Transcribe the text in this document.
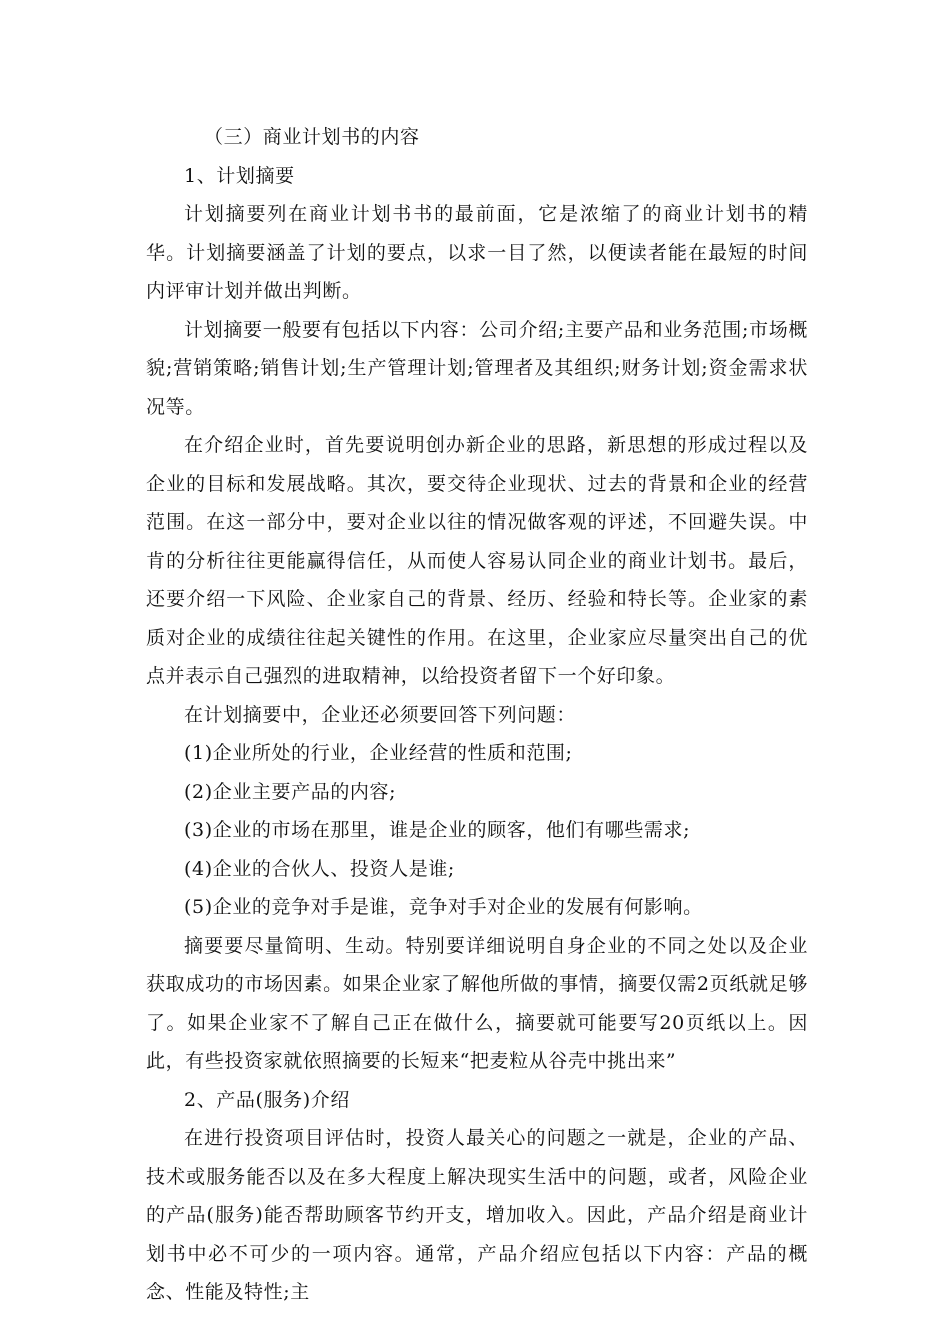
（三）商业计划书的内容

1、计划摘要

计划摘要列在商业计划书书的最前面，它是浓缩了的商业计划书的精华。计划摘要涵盖了计划的要点，以求一目了然，以便读者能在最短的时间内评审计划并做出判断。

计划摘要一般要有包括以下内容：公司介绍;主要产品和业务范围;市场概貌;营销策略;销售计划;生产管理计划;管理者及其组织;财务计划;资金需求状况等。

在介绍企业时，首先要说明创办新企业的思路，新思想的形成过程以及企业的目标和发展战略。其次，要交待企业现状、过去的背景和企业的经营范围。在这一部分中，要对企业以往的情况做客观的评述，不回避失误。中肯的分析往往更能赢得信任，从而使人容易认同企业的商业计划书。最后，还要介绍一下风险、企业家自己的背景、经历、经验和特长等。企业家的素质对企业的成绩往往起关键性的作用。在这里，企业家应尽量突出自己的优点并表示自己强烈的进取精神，以给投资者留下一个好印象。

在计划摘要中，企业还必须要回答下列问题：

(1)企业所处的行业，企业经营的性质和范围;

(2)企业主要产品的内容;

(3)企业的市场在那里，谁是企业的顾客，他们有哪些需求;

(4)企业的合伙人、投资人是谁;

(5)企业的竞争对手是谁，竞争对手对企业的发展有何影响。

摘要要尽量简明、生动。特别要详细说明自身企业的不同之处以及企业获取成功的市场因素。如果企业家了解他所做的事情，摘要仅需2页纸就足够了。如果企业家不了解自己正在做什么，摘要就可能要写20页纸以上。因此，有些投资家就依照摘要的长短来“把麦粒从谷壳中挑出来”

2、产品(服务)介绍

在进行投资项目评估时，投资人最关心的问题之一就是，企业的产品、技术或服务能否以及在多大程度上解决现实生活中的问题，或者，风险企业的产品(服务)能否帮助顾客节约开支，增加收入。因此，产品介绍是商业计划书中必不可少的一项内容。通常，产品介绍应包括以下内容：产品的概念、性能及特性;主
